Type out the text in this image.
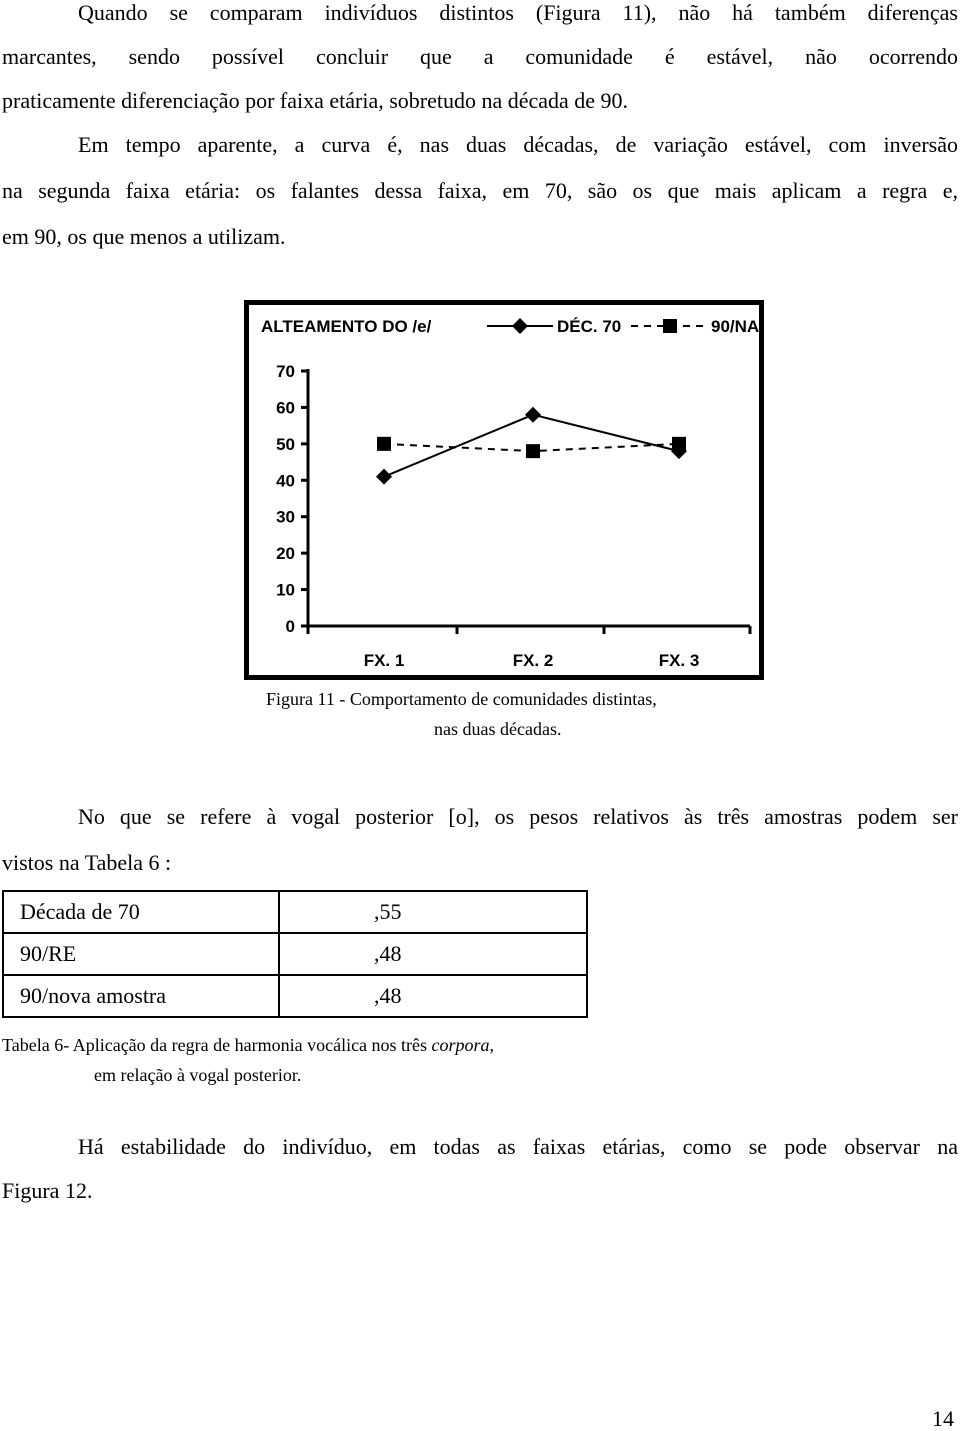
Quando se comparam indivíduos distintos (Figura 11), não há também diferenças
marcantes, sendo possível concluir que a comunidade é estável, não ocorrendo
praticamente diferenciação por faixa etária, sobretudo na década de 90.
Em tempo aparente, a curva é, nas duas décadas, de variação estável, com inversão
na segunda faixa etária: os falantes dessa faixa, em 70, são os que mais aplicam a regra e,
em 90, os que menos a utilizam.
ALTEAMENTO DO /e/	DÉC. 70	90/NA
70
60
50
40
30
20
10
0
FX. 1	FX. 2	FX. 3
Figura 11 - Comportamento de comunidades distintas,
nas duas décadas.
No que se refere à vogal posterior [o], os pesos relativos às três amostras podem ser
vistos na Tabela 6 :
Década de 70	,55
90/RE	,48
90/nova amostra	,48
Tabela 6- Aplicação da regra de harmonia vocálica nos três corpora,
em relação à vogal posterior.
Há estabilidade do indivíduo, em todas as faixas etárias, como se pode observar na
Figura 12.
14
